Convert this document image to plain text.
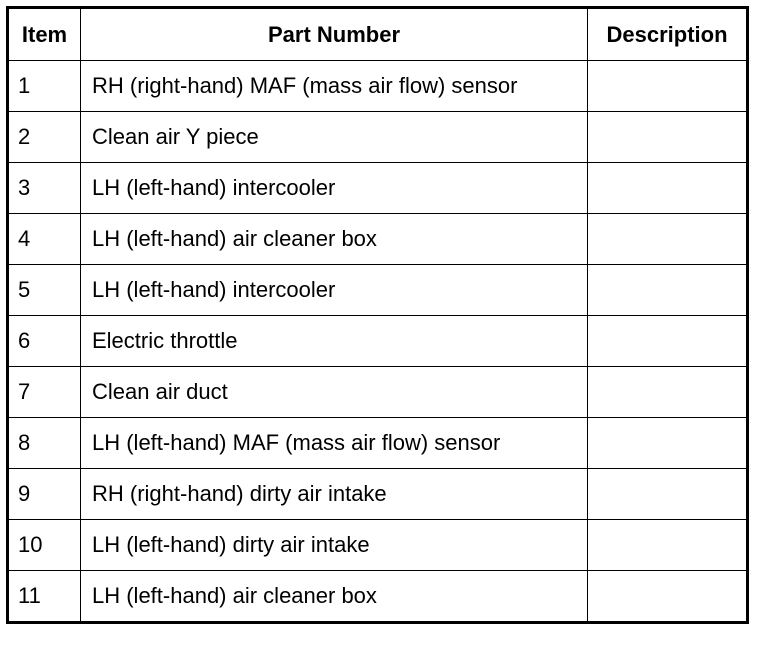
Item	Part Number	Description
1	RH (right-hand) MAF (mass air flow) sensor	
2	Clean air Y piece	
3	LH (left-hand) intercooler	
4	LH (left-hand) air cleaner box	
5	LH (left-hand) intercooler	
6	Electric throttle	
7	Clean air duct	
8	LH (left-hand) MAF (mass air flow) sensor	
9	RH (right-hand) dirty air intake	
10	LH (left-hand) dirty air intake	
11	LH (left-hand) air cleaner box	
